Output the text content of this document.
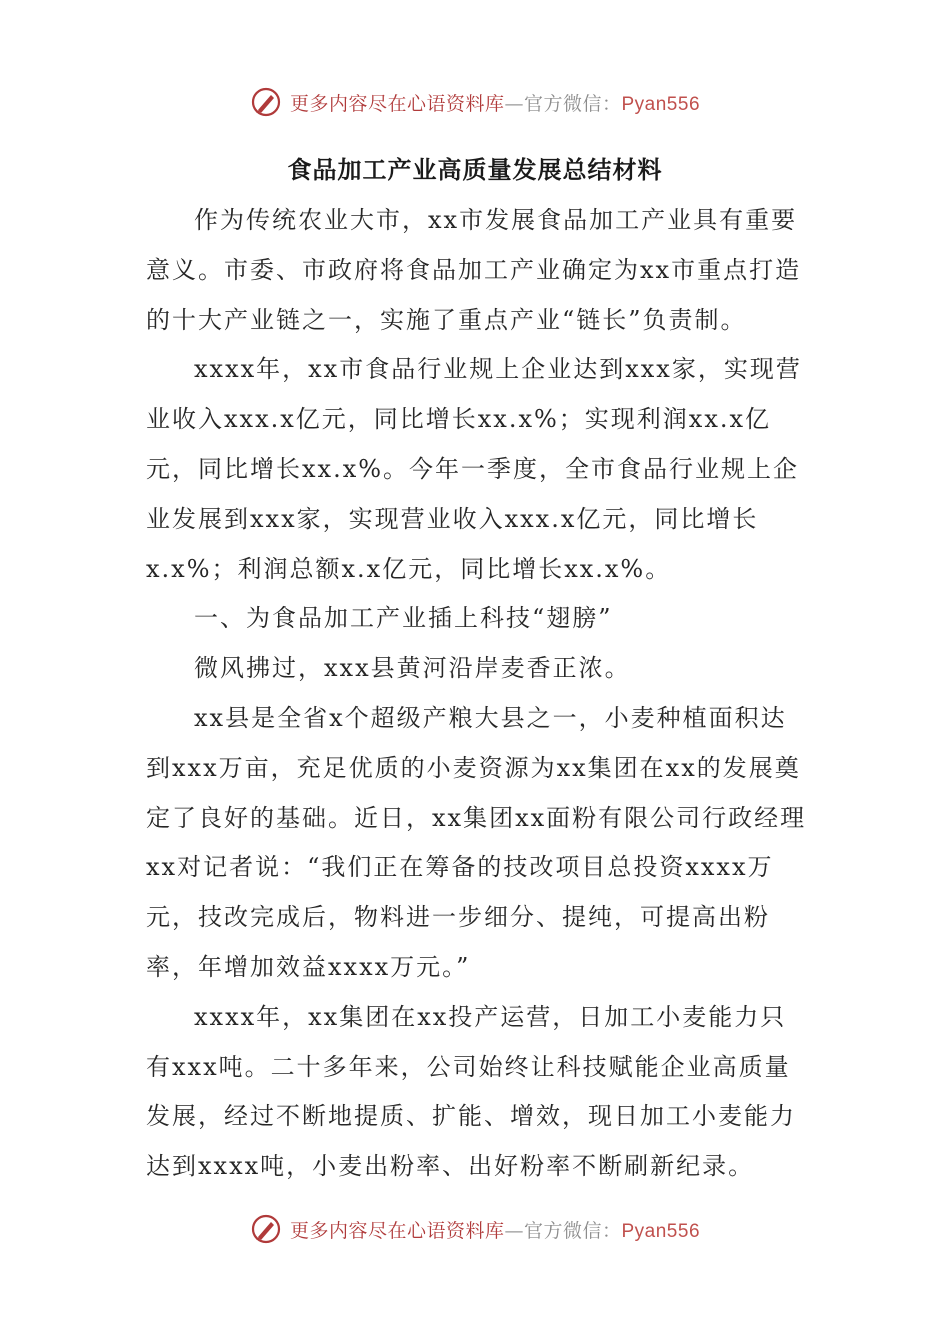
更多内容尽在心语资料库—官方微信：Pyan556
食品加工产业高质量发展总结材料

作为传统农业大市，xx市发展食品加工产业具有重要意义。市委、市政府将食品加工产业确定为xx市重点打造的十大产业链之一，实施了重点产业“链长”负责制。

xxxx年，xx市食品行业规上企业达到xxx家，实现营业收入xxx.x亿元，同比增长xx.x%；实现利润xx.x亿元，同比增长xx.x%。今年一季度，全市食品行业规上企业发展到xxx家，实现营业收入xxx.x亿元，同比增长x.x%；利润总额x.x亿元，同比增长xx.x%。

一、为食品加工产业插上科技“翅膀”

微风拂过，xxx县黄河沿岸麦香正浓。

xx县是全省x个超级产粮大县之一，小麦种植面积达到xxx万亩，充足优质的小麦资源为xx集团在xx的发展奠定了良好的基础。近日，xx集团xx面粉有限公司行政经理xx对记者说：“我们正在筹备的技改项目总投资xxxx万元，技改完成后，物料进一步细分、提纯，可提高出粉率，年增加效益xxxx万元。”

xxxx年，xx集团在xx投产运营，日加工小麦能力只有xxx吨。二十多年来，公司始终让科技赋能企业高质量发展，经过不断地提质、扩能、增效，现日加工小麦能力达到xxxx吨，小麦出粉率、出好粉率不断刷新纪录。

更多内容尽在心语资料库—官方微信：Pyan556
